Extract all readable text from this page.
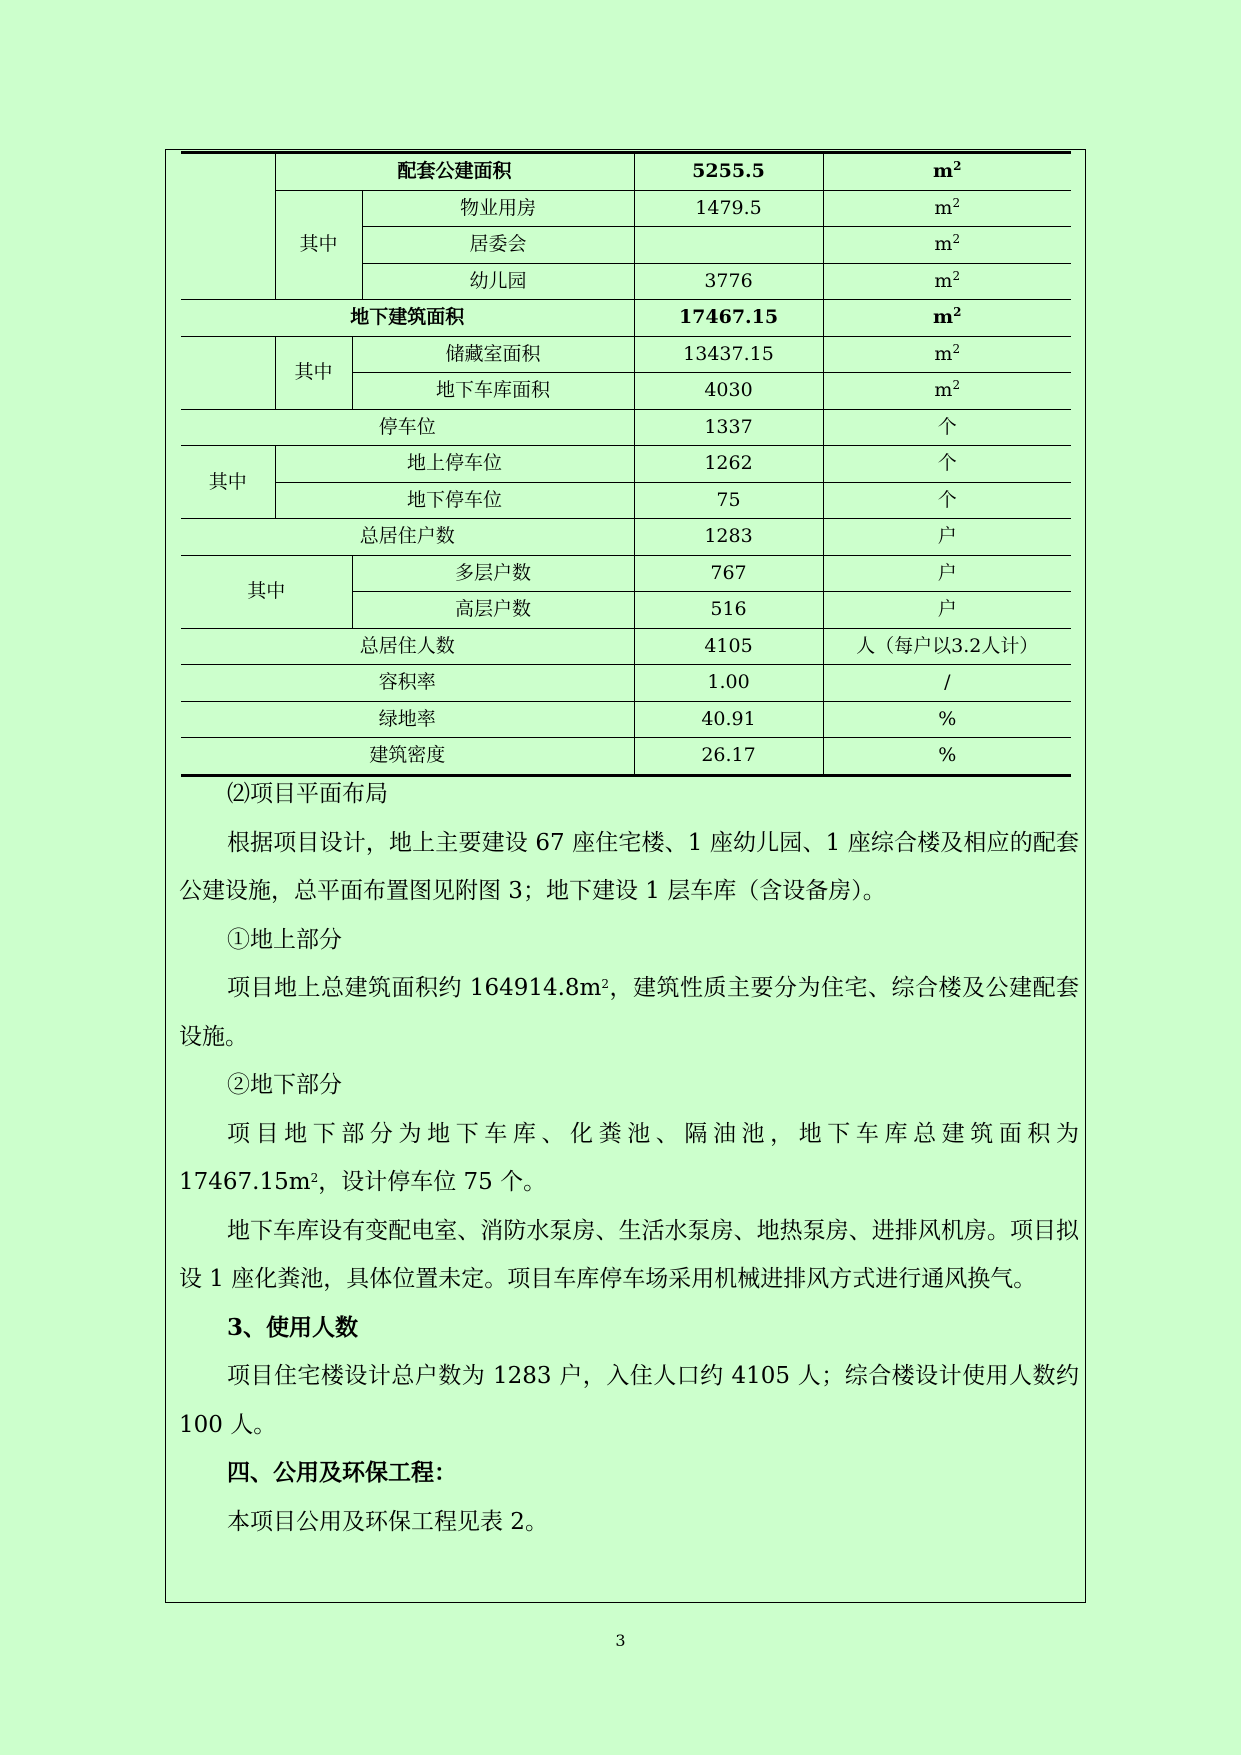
	配套公建面积			5255.5	$m^2$
	其中		物业用房	1479.5	$m^2$
			居委会		$m^2$
			幼儿园	3776	$m^2$
地下建筑面积				17467.15	$m^2$
	其中	储藏室面积		13437.15	$m^2$
		地下车库面积		4030	$m^2$
停车位				1337	个
其中	地上停车位			1262	个
	地下停车位			75	个
总居住户数				1283	户
其中		多层户数		767	户
		高层户数		516	户
总居住人数				4105	人（每户以3.2人计）
容积率				1.00	/
绿地率				40.91	%
建筑密度				26.17	%

⑵项目平面布局

根据项目设计，地上主要建设 67 座住宅楼、1 座幼儿园、1 座综合楼及相应的配套公建设施，总平面布置图见附图 3；地下建设 1 层车库（含设备房）。

①地上部分

项目地上总建筑面积约 $164914.8m^2$，建筑性质主要分为住宅、综合楼及公建配套设施。

②地下部分

项目地下部分为地下车库、化粪池、隔油池，地下车库总建筑面积为 $17467.15m^2$，设计停车位 75 个。

地下车库设有变配电室、消防水泵房、生活水泵房、地热泵房、进排风机房。项目拟设 1 座化粪池，具体位置未定。项目车库停车场采用机械进排风方式进行通风换气。

3、使用人数

项目住宅楼设计总户数为 1283 户，入住人口约 4105 人；综合楼设计使用人数约 100 人。

四、公用及环保工程：

本项目公用及环保工程见表 2。

3
